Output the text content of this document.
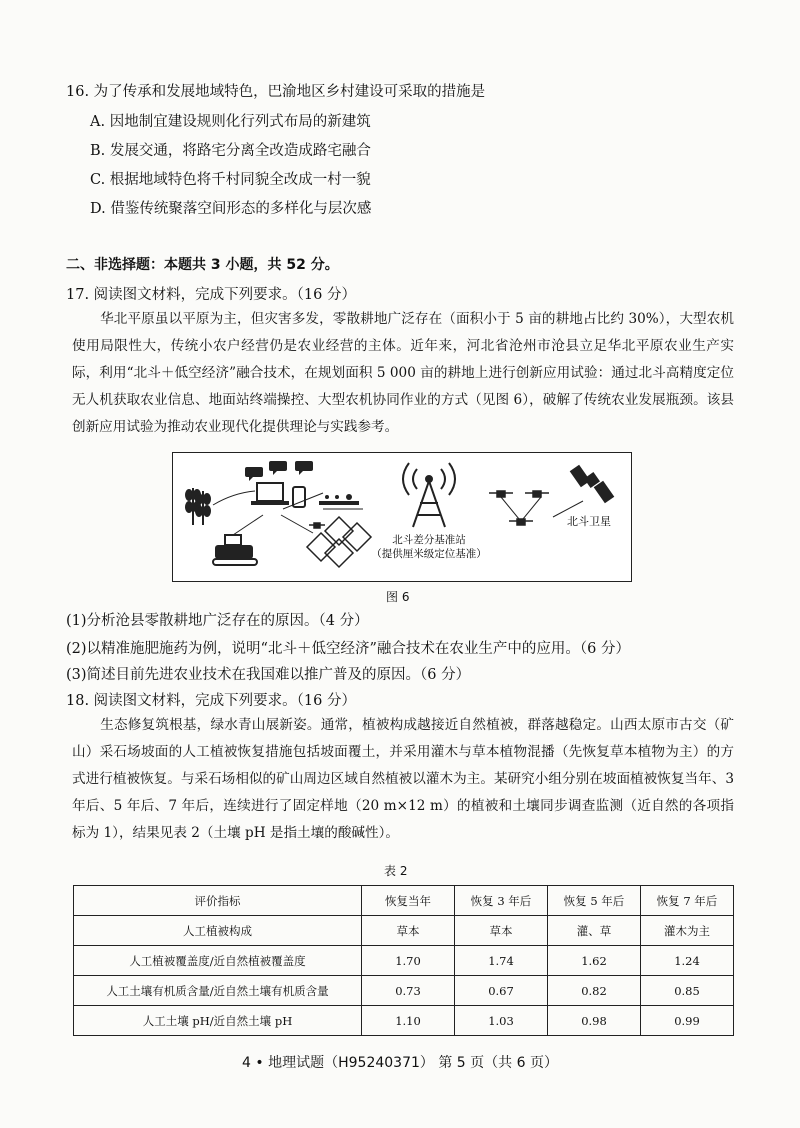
16. 为了传承和发展地域特色，巴渝地区乡村建设可采取的措施是
A. 因地制宜建设规则化行列式布局的新建筑
B. 发展交通，将路宅分离全改造成路宅融合
C. 根据地域特色将千村同貌全改成一村一貌
D. 借鉴传统聚落空间形态的多样化与层次感
二、非选择题：本题共 3 小题，共 52 分。
17. 阅读图文材料，完成下列要求。（16 分）
华北平原虽以平原为主，但灾害多发，零散耕地广泛存在（面积小于 5 亩的耕地占比约 30%），大型农机使用局限性大，传统小农户经营仍是农业经营的主体。近年来，河北省沧州市沧县立足华北平原农业生产实际，利用“北斗＋低空经济”融合技术，在规划面积 5 000 亩的耕地上进行创新应用试验：通过北斗高精度定位无人机获取农业信息、地面站终端操控、大型农机协同作业的方式（见图 6），破解了传统农业发展瓶颈。该县创新应用试验为推动农业现代化提供理论与实践参考。
北斗差分基准站
（提供厘米级定位基准）
北斗卫星
图 6
(1)分析沧县零散耕地广泛存在的原因。（4 分）
(2)以精准施肥施药为例，说明“北斗＋低空经济”融合技术在农业生产中的应用。（6 分）
(3)简述目前先进农业技术在我国难以推广普及的原因。（6 分）
18. 阅读图文材料，完成下列要求。（16 分）
生态修复筑根基，绿水青山展新姿。通常，植被构成越接近自然植被，群落越稳定。山西太原市古交（矿山）采石场坡面的人工植被恢复措施包括坡面覆土，并采用灌木与草本植物混播（先恢复草本植物为主）的方式进行植被恢复。与采石场相似的矿山周边区域自然植被以灌木为主。某研究小组分别在坡面植被恢复当年、3 年后、5 年后、7 年后，连续进行了固定样地（20 m×12 m）的植被和土壤同步调查监测（近自然的各项指标为 1），结果见表 2（土壤 pH 是指土壤的酸碱性）。
表 2
评价指标	恢复当年	恢复 3 年后	恢复 5 年后	恢复 7 年后
人工植被构成	草本	草本	灌、草	灌木为主
人工植被覆盖度/近自然植被覆盖度	1.70	1.74	1.62	1.24
人工土壤有机质含量/近自然土壤有机质含量	0.73	0.67	0.82	0.85
人工土壤 pH/近自然土壤 pH	1.10	1.03	0.98	0.99
4 • 地理试题（H95240371） 第 5 页（共 6 页）
